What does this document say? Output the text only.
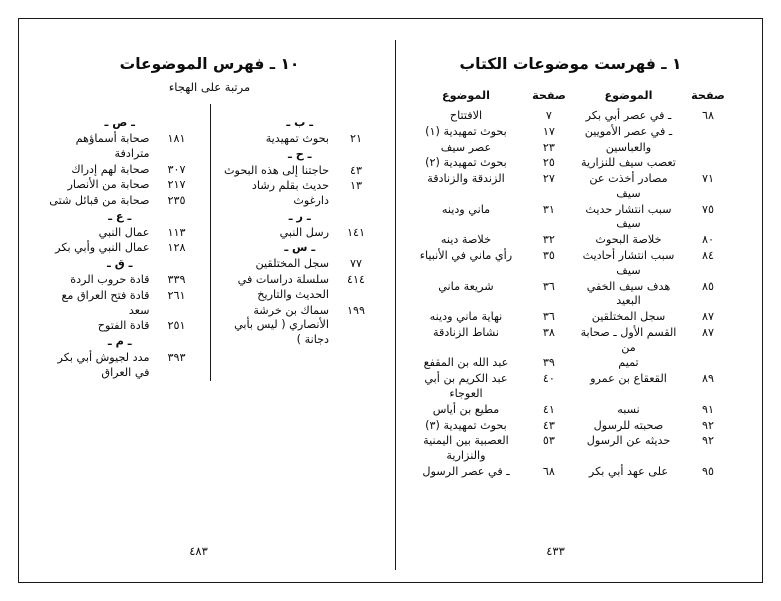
١ ـ فهرست موضوعات الكتاب
صفحة	الموضوع	صفحة	الموضوع
٦٨	ـ في عصر أبي بكر	٧	الافتتاح
	ـ في عصر الأمويين	١٧	بحوث تمهيدية (١)
	والعباسين	٢٣	عصر سيف
	تعصب سيف للنزارية	٢٥	بحوث تمهيدية (٢)
٧١	مصادر أخذت عن سيف	٢٧	الزندقة والزنادقة
٧٥	سبب انتشار حديث سيف	٣١	ماني ودينه
٨٠	خلاصة البحوث	٣٢	خلاصة دينه
٨٤	سبب انتشار أحاديث سيف	٣٥	رأي ماني في الأنبياء
٨٥	هدف سيف الخفي البعيد	٣٦	شريعة ماني
٨٧	سجل المختلقين	٣٦	نهاية ماني ودينه
٨٧	القسم الأول ـ صحابة من	٣٨	نشاط الزنادقة
	تميم	٣٩	عبد الله بن المقفع
٨٩	القعقاع بن عمرو	٤٠	عبد الكريم بن أبي العوجاء
٩١	نسبه	٤١	مطيع بن أياس
٩٢	صحبته للرسول	٤٣	بحوث تمهيدية (٣)
٩٢	حديثه عن الرسول	٥٣	العصبية بين اليمنية والنزارية
٩٥	على عهد أبي بكر	٦٨	ـ في عصر الرسول
٤٣٣
١٠ ـ فهرس الموضوعات
مرتبة على الهجاء
ـ ب ـ	
٢١	بحوث تمهيدية
ـ ح ـ	
٤٣	حاجتنا إلى هذه البحوث
١٣	حديث بقلم رشاد دارغوث
ـ ر ـ	
١٤١	رسل النبي
ـ س ـ	
٧٧	سجل المختلقين
٤١٤	سلسلة دراسات في الحديث والتاريخ
١٩٩	سماك بن خرشة الأنصاري ( ليس بأبي دجانة )
ـ ص ـ	
١٨١	صحابة أسماؤهم مترادفة
٣٠٧	صحابة لهم إدراك
٢١٧	صحابة من الأنصار
٢٣٥	صحابة من قبائل شتى
ـ ع ـ	
١١٣	عمال النبي
١٢٨	عمال النبي وأبي بكر
ـ ق ـ	
٣٣٩	قادة حروب الردة
٢٦١	قادة فتح العراق مع سعد
٢٥١	قادة الفتوح
ـ م ـ	
٣٩٣	مدد لجيوش أبي بكر في العراق
٤٨٣
